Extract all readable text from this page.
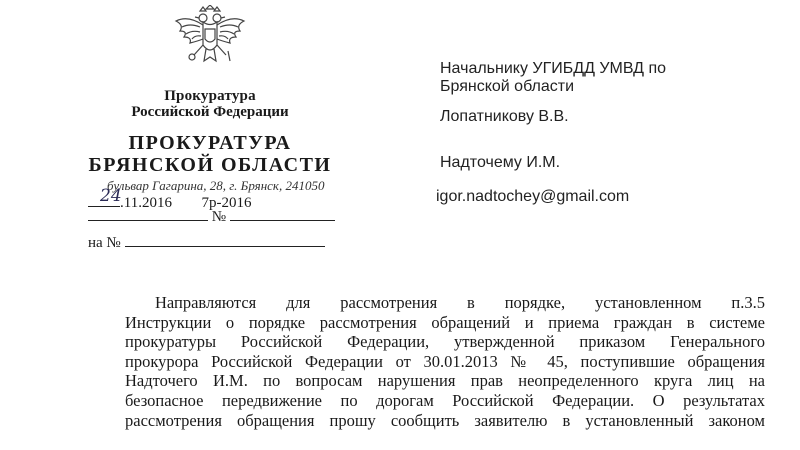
Прокуратура
Российской Федерации
ПРОКУРАТУРА
БРЯНСКОЙ ОБЛАСТИ
бульвар Гагарина, 28, г. Брянск, 241050
24
.11.2016 7р-2016
№
на №
Начальнику УГИБДД УМВД по
Брянской области
Лопатникову В.В.
Надточему И.М.
igor.nadtochey@gmail.com
Направляются для рассмотрения в порядке, установленном п.3.5
Инструкции о порядке рассмотрения обращений и приема граждан в системе
прокуратуры Российской Федерации, утвержденной приказом Генерального
прокурора Российской Федерации от 30.01.2013 № 45, поступившие обращения
Надточего И.М. по вопросам нарушения прав неопределенного круга лиц на
безопасное передвижение по дорогам Российской Федерации. О результатах
рассмотрения обращения прошу сообщить заявителю в установленный законом
